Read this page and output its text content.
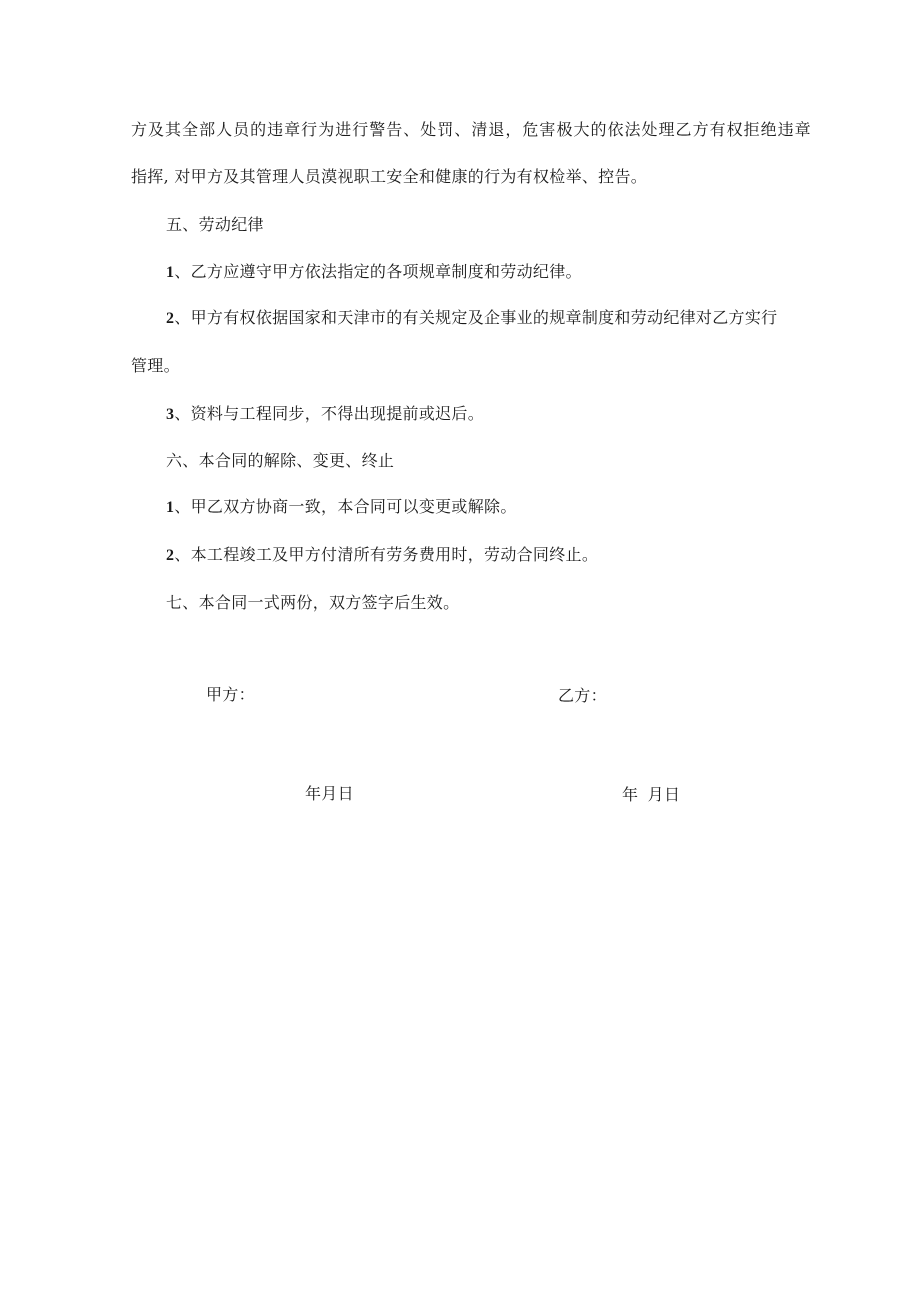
方及其全部人员的违章行为进行警告、处罚、清退，危害极大的依法处理乙方有权拒绝违章
指挥, 对甲方及其管理人员漠视职工安全和健康的行为有权检举、控告。
五、劳动纪律
1、乙方应遵守甲方依法指定的各项规章制度和劳动纪律。
2、甲方有权依据国家和天津市的有关规定及企事业的规章制度和劳动纪律对乙方实行
管理。
3、资料与工程同步，不得出现提前或迟后。
六、本合同的解除、变更、终止
1、甲乙双方协商一致，本合同可以变更或解除。
2、本工程竣工及甲方付清所有劳务费用时，劳动合同终止。
七、本合同一式两份，双方签字后生效。
甲方：	乙方：
年月日	年 月日
